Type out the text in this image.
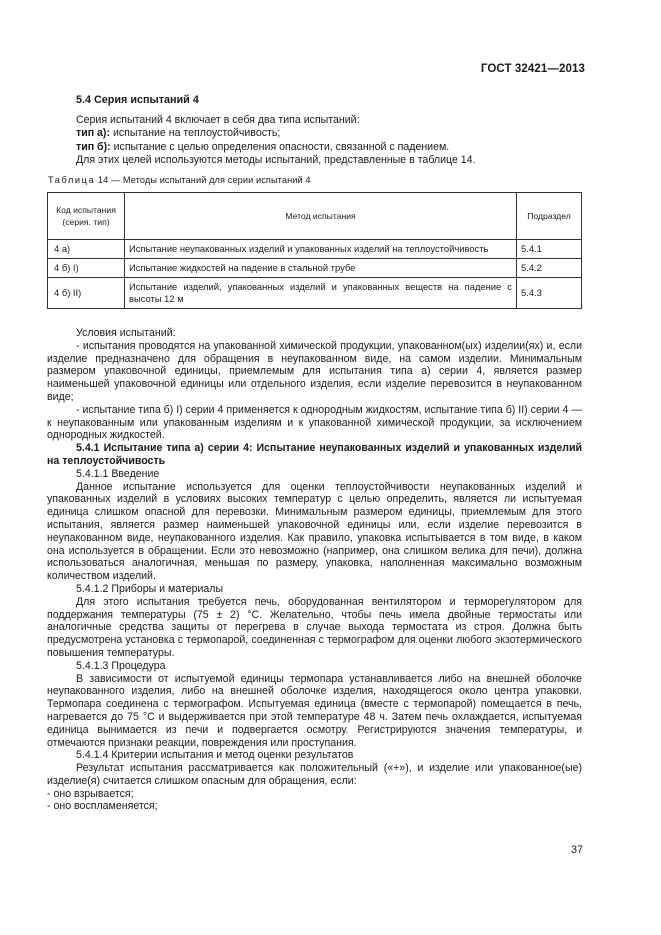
ГОСТ 32421—2013
5.4 Серия испытаний 4

Серия испытаний 4 включает в себя два типа испытаний:

тип a): испытание на теплоустойчивость;

тип б): испытание с целью определения опасности, связанной с падением.

Для этих целей используются методы испытаний, представленные в таблице 14.

Таблица 14 — Методы испытаний для серии испытаний 4
Код испытания (серия. тип)	Метод испытания	Подраздел
4 а)	Испытание неупакованных изделий и упакованных изделий на теплоустойчивость	5.4.1
4 б) I)	Испытание жидкостей на падение в стальной трубе	5.4.2
4 б) II)	Испытание изделий, упакованных изделий и упакованных веществ на падение с высоты 12 м	5.4.3

Условия испытаний:

- испытания проводятся на упакованной химической продукции, упакованном(ых) изделии(ях) и, если изделие предназначено для обращения в неупакованном виде, на самом изделии. Минимальным размером упаковочной единицы, приемлемым для испытания типа а) серии 4, является размер наименьшей упаковочной единицы или отдельного изделия, если изделие перевозится в неупакованном виде;

- испытание типа б) I) серии 4 применяется к однородным жидкостям, испытание типа б) II) серии 4 — к неупакованным или упакованным изделиям и к упакованной химической продукции, за исключением однородных жидкостей.

5.4.1 Испытание типа а) серии 4: Испытание неупакованных изделий и упакованных изделий на теплоустойчивость

5.4.1.1 Введение

Данное испытание используется для оценки теплоустойчивости неупакованных изделий и упакованных изделий в условиях высоких температур с целью определить, является ли испытуемая единица слишком опасной для перевозки. Минимальным размером единицы, приемлемым для этого испытания, является размер наименьшей упаковочной единицы или, если изделие перевозится в неупакованном виде, неупакованного изделия. Как правило, упаковка испытывается в том виде, в каком она используется в обращении. Если это невозможно (например, она слишком велика для печи), должна использоваться аналогичная, меньшая по размеру, упаковка, наполненная максимально возможным количеством изделий.

5.4.1.2 Приборы и материалы

Для этого испытания требуется печь, оборудованная вентилятором и терморегулятором для поддержания температуры (75 ± 2) °С. Желательно, чтобы печь имела двойные термостаты или аналогичные средства защиты от перегрева в случае выхода термостата из строя. Должна быть предусмотрена установка с термопарой, соединенная с термографом для оценки любого экзотермического повышения температуры.

5.4.1.3 Процедура

В зависимости от испытуемой единицы термопара устанавливается либо на внешней оболочке неупакованного изделия, либо на внешней оболочке изделия, находящегося около центра упаковки. Термопара соединена с термографом. Испытуемая единица (вместе с термопарой) помещается в печь, нагревается до 75 °С и выдерживается при этой температуре 48 ч. Затем печь охлаждается, испытуемая единица вынимается из печи и подвергается осмотру. Регистрируются значения температуры, и отмечаются признаки реакции, повреждения или проступания.

5.4.1.4 Критерии испытания и метод оценки результатов

Результат испытания рассматривается как положительный («+»), и изделие или упакованное(ые) изделие(я) считается слишком опасным для обращения, если:

- оно взрывается;

- оно воспламеняется;

37
